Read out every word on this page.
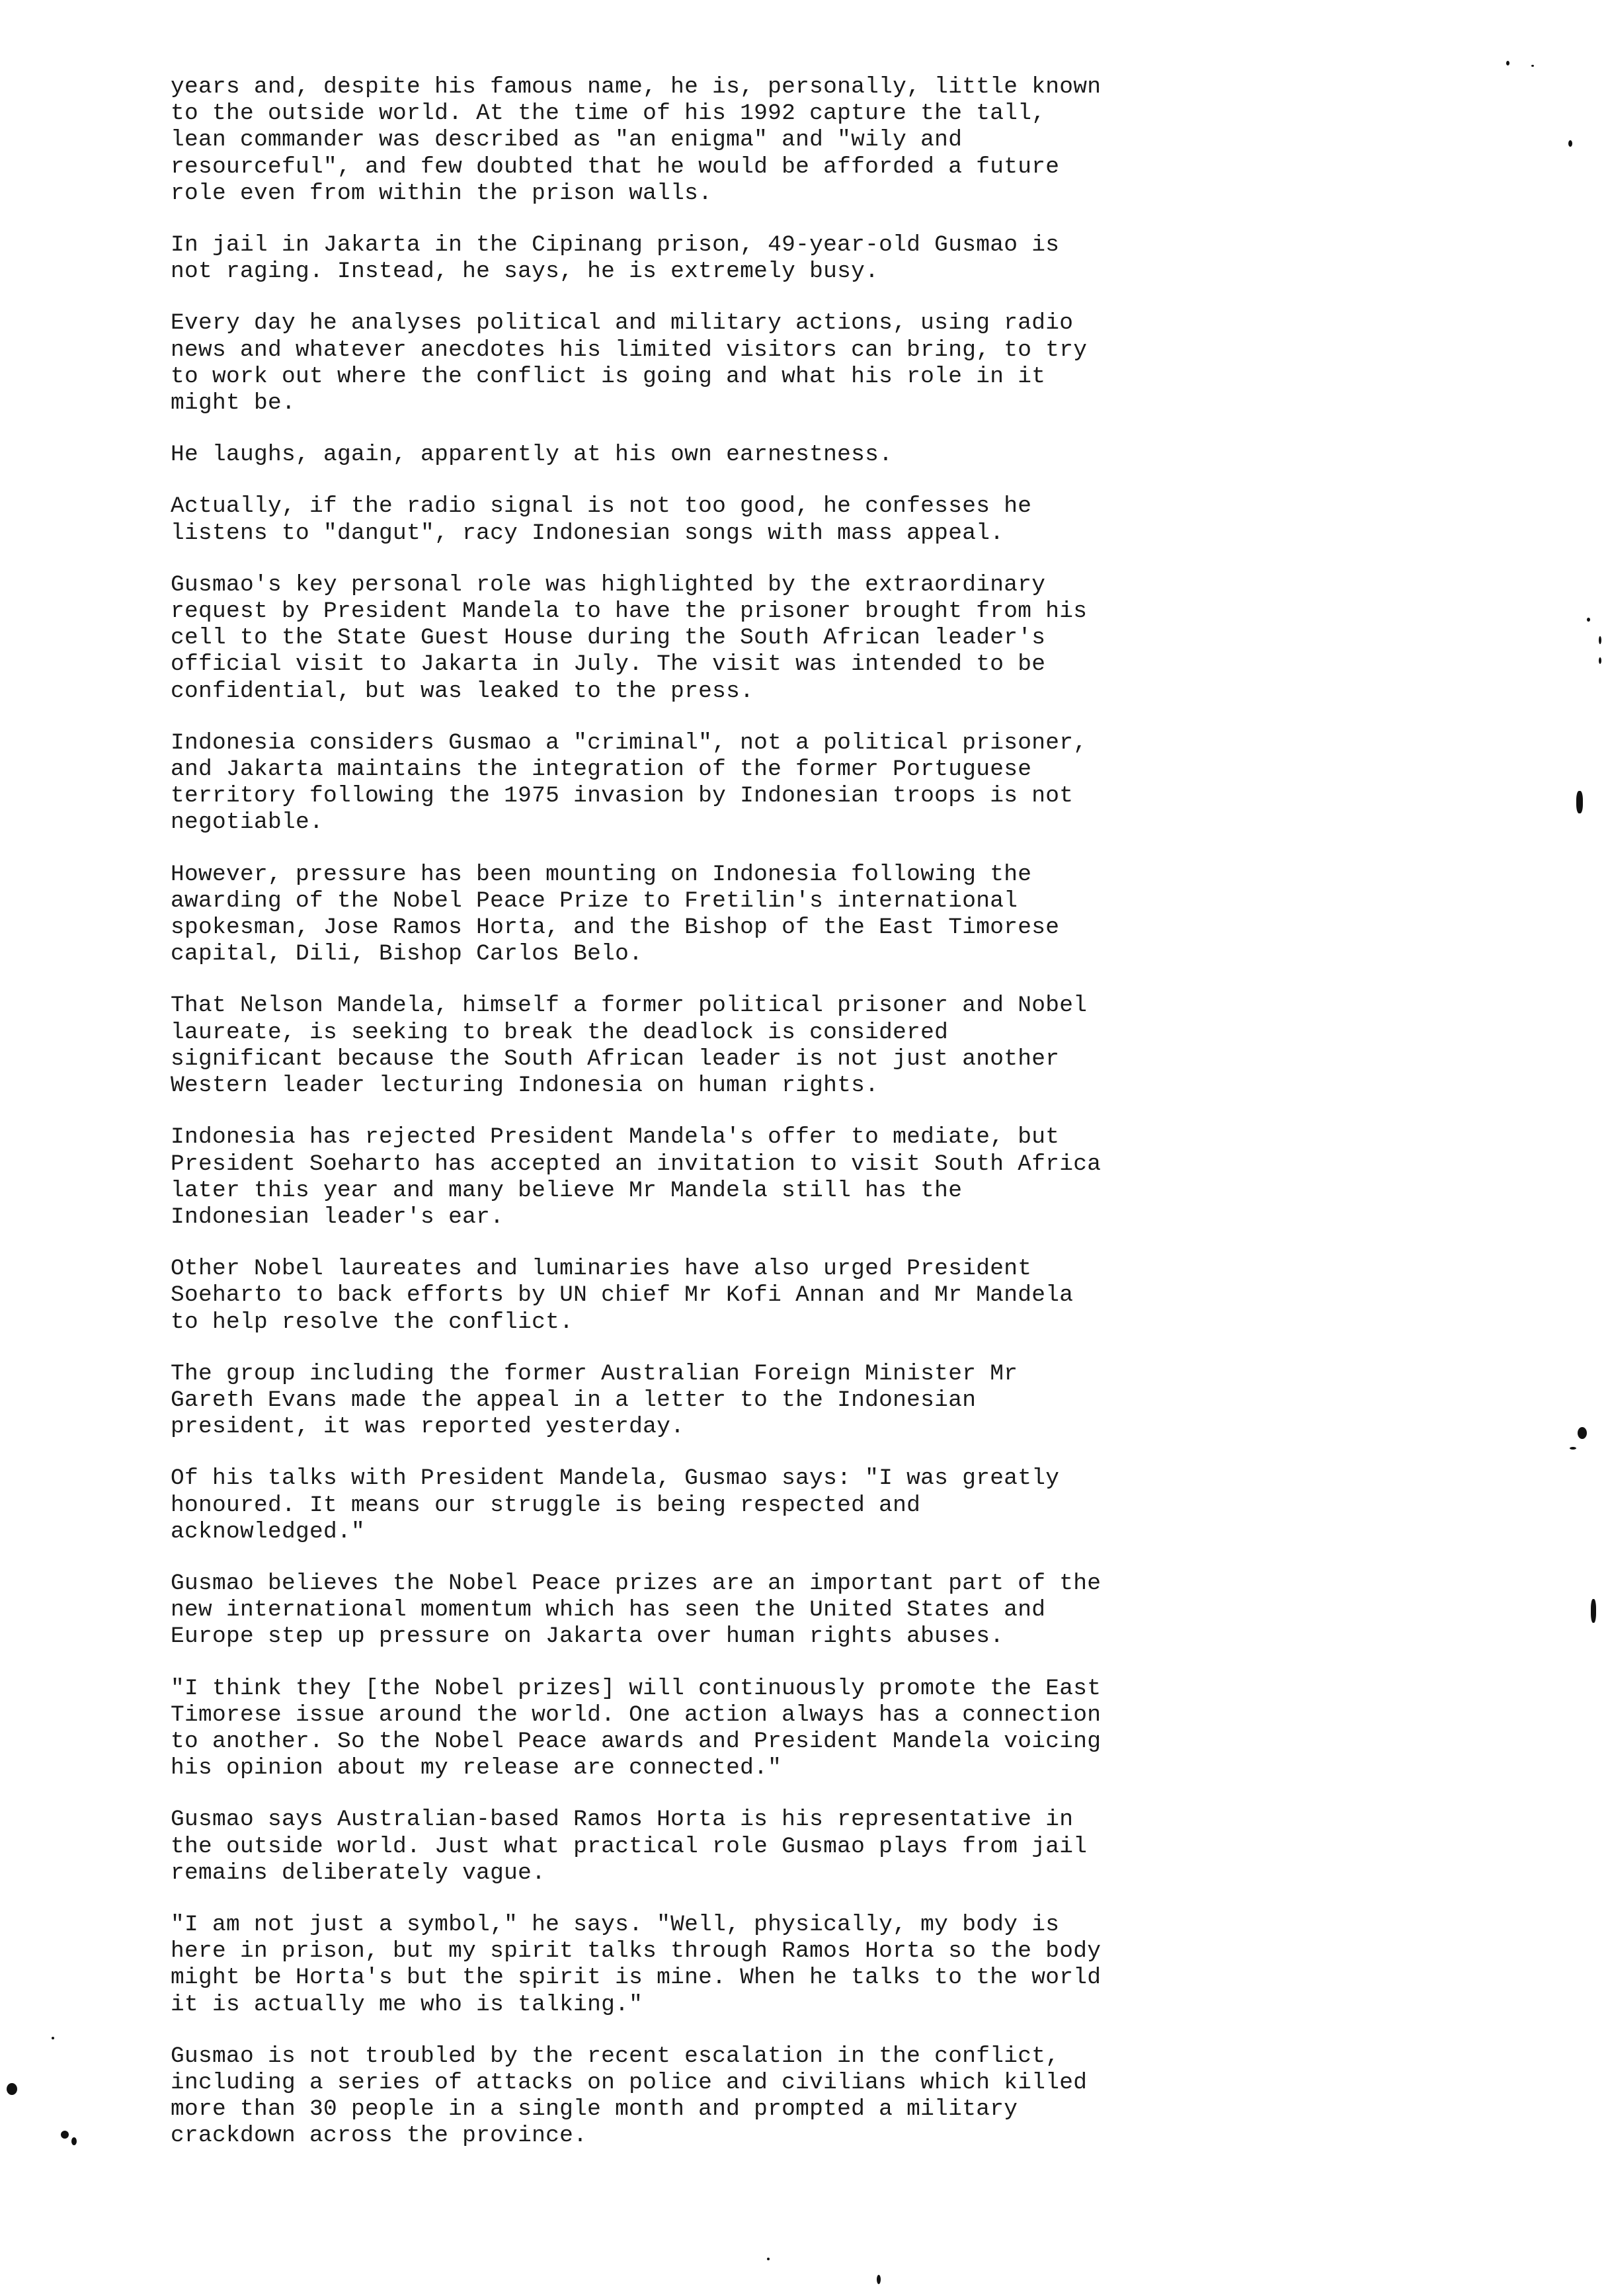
years and, despite his famous name, he is, personally, little known
to the outside world. At the time of his 1992 capture the tall,
lean commander was described as "an enigma" and "wily and
resourceful", and few doubted that he would be afforded a future
role even from within the prison walls.

In jail in Jakarta in the Cipinang prison, 49-year-old Gusmao is
not raging. Instead, he says, he is extremely busy.

Every day he analyses political and military actions, using radio
news and whatever anecdotes his limited visitors can bring, to try
to work out where the conflict is going and what his role in it
might be.

He laughs, again, apparently at his own earnestness.

Actually, if the radio signal is not too good, he confesses he
listens to "dangut", racy Indonesian songs with mass appeal.

Gusmao's key personal role was highlighted by the extraordinary
request by President Mandela to have the prisoner brought from his
cell to the State Guest House during the South African leader's
official visit to Jakarta in July. The visit was intended to be
confidential, but was leaked to the press.

Indonesia considers Gusmao a "criminal", not a political prisoner,
and Jakarta maintains the integration of the former Portuguese
territory following the 1975 invasion by Indonesian troops is not
negotiable.

However, pressure has been mounting on Indonesia following the
awarding of the Nobel Peace Prize to Fretilin's international
spokesman, Jose Ramos Horta, and the Bishop of the East Timorese
capital, Dili, Bishop Carlos Belo.

That Nelson Mandela, himself a former political prisoner and Nobel
laureate, is seeking to break the deadlock is considered
significant because the South African leader is not just another
Western leader lecturing Indonesia on human rights.

Indonesia has rejected President Mandela's offer to mediate, but
President Soeharto has accepted an invitation to visit South Africa
later this year and many believe Mr Mandela still has the
Indonesian leader's ear.

Other Nobel laureates and luminaries have also urged President
Soeharto to back efforts by UN chief Mr Kofi Annan and Mr Mandela
to help resolve the conflict.

The group including the former Australian Foreign Minister Mr
Gareth Evans made the appeal in a letter to the Indonesian
president, it was reported yesterday.

Of his talks with President Mandela, Gusmao says: "I was greatly
honoured. It means our struggle is being respected and
acknowledged."

Gusmao believes the Nobel Peace prizes are an important part of the
new international momentum which has seen the United States and
Europe step up pressure on Jakarta over human rights abuses.

"I think they [the Nobel prizes] will continuously promote the East
Timorese issue around the world. One action always has a connection
to another. So the Nobel Peace awards and President Mandela voicing
his opinion about my release are connected."

Gusmao says Australian-based Ramos Horta is his representative in
the outside world. Just what practical role Gusmao plays from jail
remains deliberately vague.

"I am not just a symbol," he says. "Well, physically, my body is
here in prison, but my spirit talks through Ramos Horta so the body
might be Horta's but the spirit is mine. When he talks to the world
it is actually me who is talking."

Gusmao is not troubled by the recent escalation in the conflict,
including a series of attacks on police and civilians which killed
more than 30 people in a single month and prompted a military
crackdown across the province.
